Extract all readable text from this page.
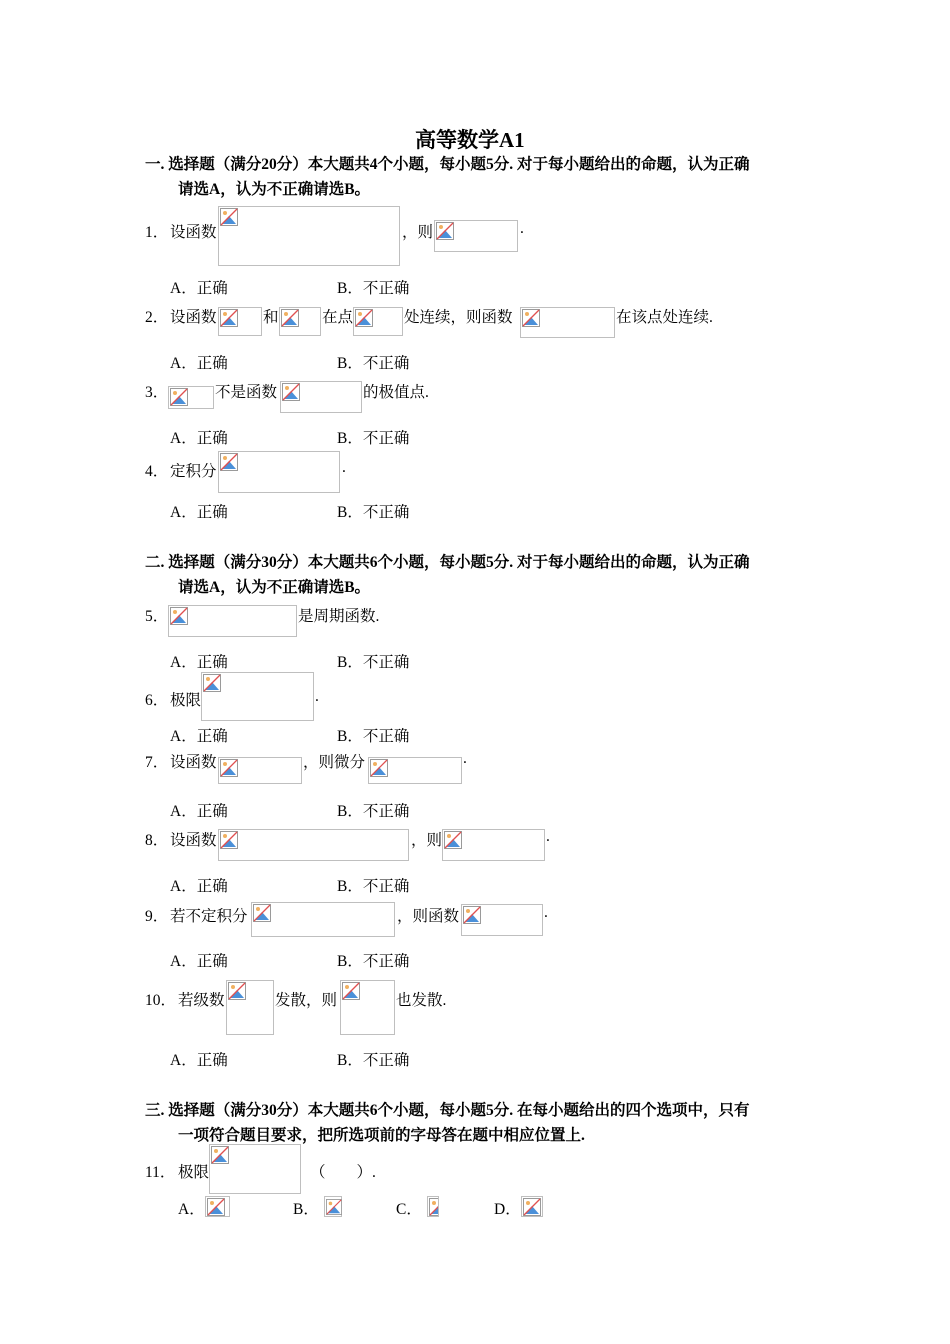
高等数学A1
一. 选择题（满分20分）本大题共4个小题，每小题5分. 对于每小题给出的命题，认为正确
请选A，认为不正确请选B。
1． 设函数	，则	.
A．正确	B．不正确
2． 设函数	和	在点	处连续，则函数	在该点处连续.
A．正确	B．不正确
3．	不是函数	的极值点.
A．正确	B．不正确
4． 定积分	.
A．正确	B．不正确
二. 选择题（满分30分）本大题共6个小题，每小题5分. 对于每小题给出的命题，认为正确
请选A，认为不正确请选B。
5．	是周期函数.
A．正确	B．不正确
6． 极限	.
A．正确	B．不正确
7． 设函数	，则微分	.
A．正确	B．不正确
8． 设函数	，则	.
A．正确	B．不正确
9． 若不定积分	，则函数	.
A．正确	B．不正确
10． 若级数	发散，则	也发散.
A．正确	B．不正确
三. 选择题（满分30分）本大题共6个小题，每小题5分. 在每小题给出的四个选项中，只有
一项符合题目要求，把所选项前的字母答在题中相应位置上.
11． 极限	（　　）.
A．	B．	C．	D．
